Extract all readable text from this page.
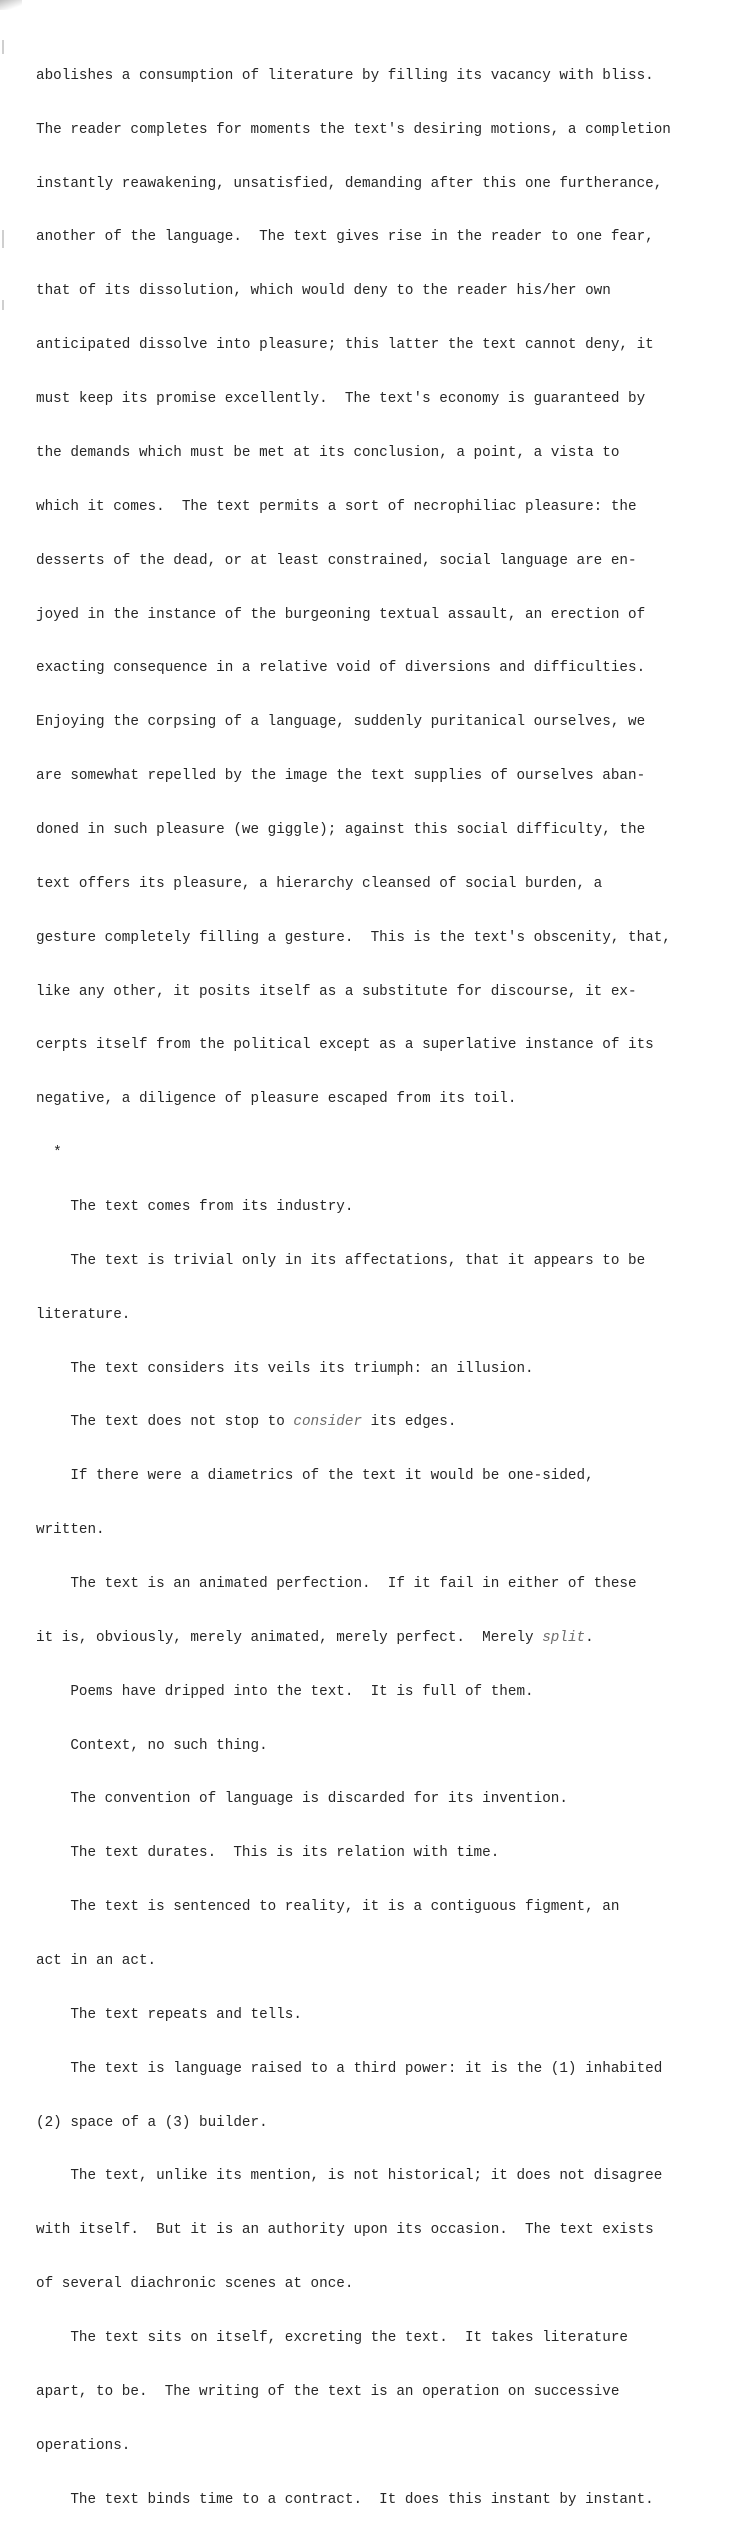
abolishes a consumption of literature by filling its vacancy with bliss.

The reader completes for moments the text's desiring motions, a completion

instantly reawakening, unsatisfied, demanding after this one furtherance,

another of the language.  The text gives rise in the reader to one fear,

that of its dissolution, which would deny to the reader his/her own

anticipated dissolve into pleasure; this latter the text cannot deny, it

must keep its promise excellently.  The text's economy is guaranteed by

the demands which must be met at its conclusion, a point, a vista to

which it comes.  The text permits a sort of necrophiliac pleasure: the

desserts of the dead, or at least constrained, social language are en-

joyed in the instance of the burgeoning textual assault, an erection of

exacting consequence in a relative void of diversions and difficulties.

Enjoying the corpsing of a language, suddenly puritanical ourselves, we

are somewhat repelled by the image the text supplies of ourselves aban-

doned in such pleasure (we giggle); against this social difficulty, the

text offers its pleasure, a hierarchy cleansed of social burden, a

gesture completely filling a gesture.  This is the text's obscenity, that,

like any other, it posits itself as a substitute for discourse, it ex-

cerpts itself from the political except as a superlative instance of its

negative, a diligence of pleasure escaped from its toil.

*

The text comes from its industry.

The text is trivial only in its affectations, that it appears to be

literature.

The text considers its veils its triumph: an illusion.

The text does not stop to consider its edges.

If there were a diametrics of the text it would be one-sided,

written.

The text is an animated perfection.  If it fail in either of these

it is, obviously, merely animated, merely perfect.  Merely split.

Poems have dripped into the text.  It is full of them.

Context, no such thing.

The convention of language is discarded for its invention.

The text durates.  This is its relation with time.

The text is sentenced to reality, it is a contiguous figment, an

act in an act.

The text repeats and tells.

The text is language raised to a third power: it is the (1) inhabited

(2) space of a (3) builder.

The text, unlike its mention, is not historical; it does not disagree

with itself.  But it is an authority upon its occasion.  The text exists

of several diachronic scenes at once.

The text sits on itself, excreting the text.  It takes literature

apart, to be.  The writing of the text is an operation on successive

operations.

The text binds time to a contract.  It does this instant by instant.
